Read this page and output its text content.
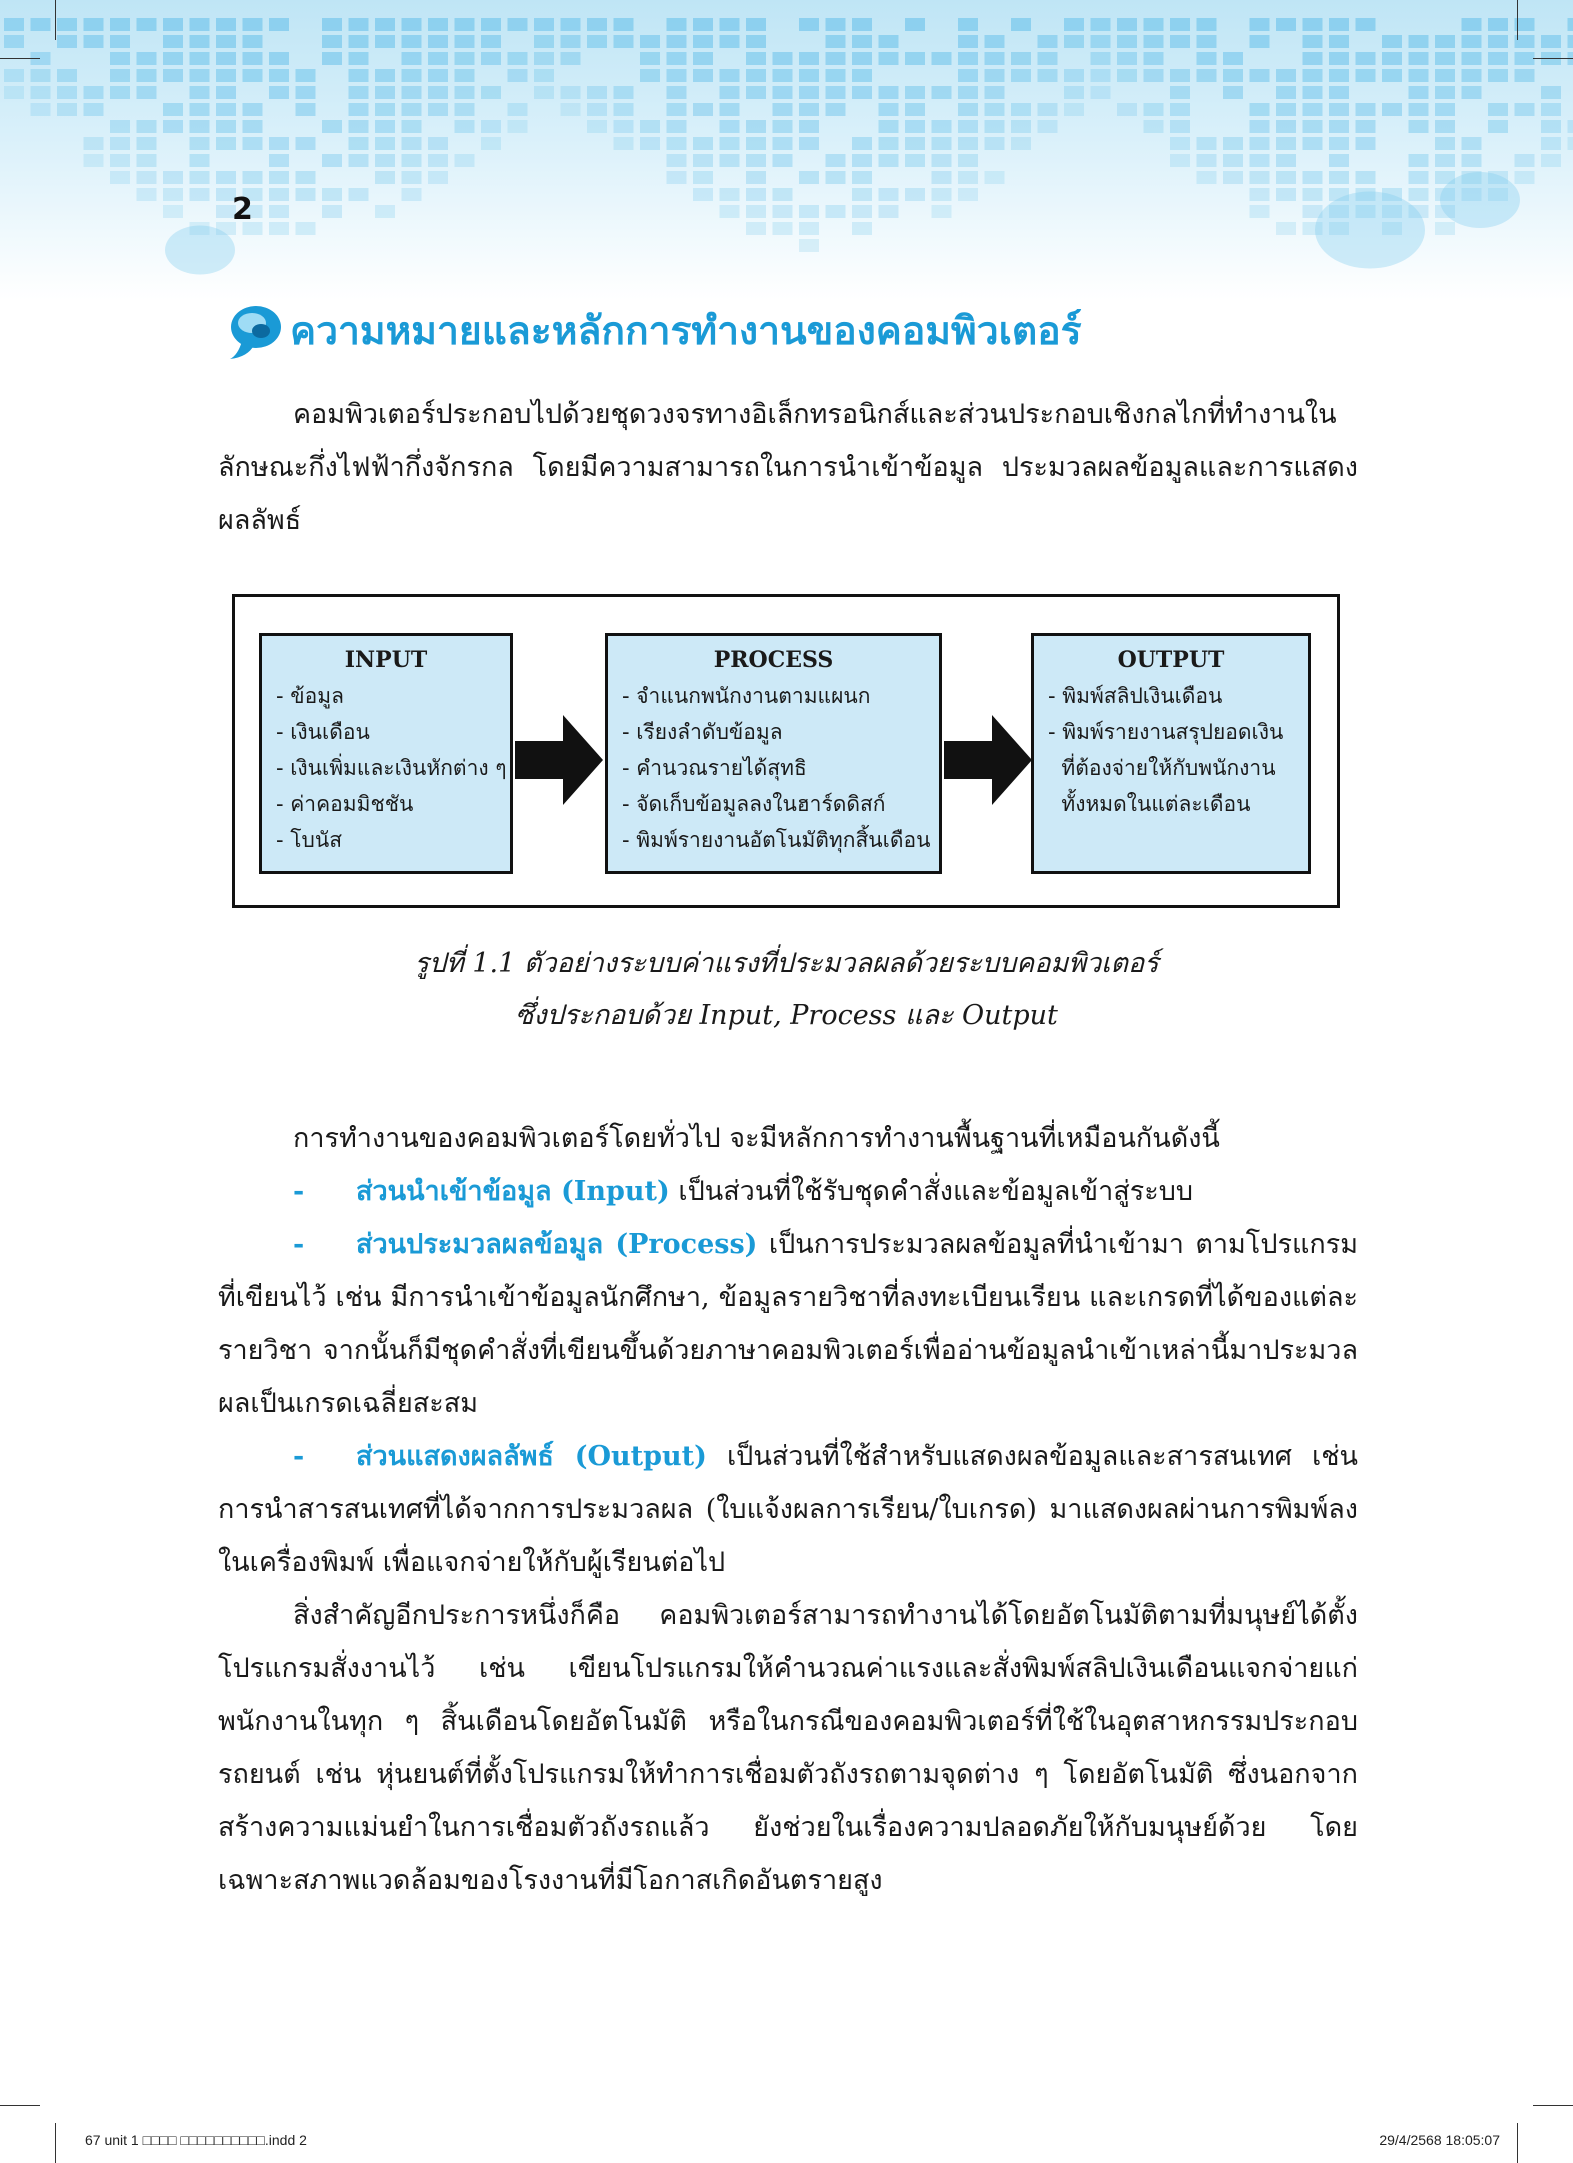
2
ความหมายและหลักการทำงานของคอมพิวเตอร์

คอมพิวเตอร์ประกอบไปด้วยชุดวงจรทางอิเล็กทรอนิกส์และส่วนประกอบเชิงกลไกที่ทำงานในลักษณะกึ่งไฟฟ้ากึ่งจักรกล โดยมีความสามารถในการนำเข้าข้อมูล ประมวลผลข้อมูลและการแสดงผลลัพธ์

INPUT
- ข้อมูล
- เงินเดือน
- เงินเพิ่มและเงินหักต่าง ๆ
- ค่าคอมมิชชัน
- โบนัส
PROCESS
- จำแนกพนักงานตามแผนก
- เรียงลำดับข้อมูล
- คำนวณรายได้สุทธิ
- จัดเก็บข้อมูลลงในฮาร์ดดิสก์
- พิมพ์รายงานอัตโนมัติทุกสิ้นเดือน
OUTPUT
- พิมพ์สลิปเงินเดือน
- พิมพ์รายงานสรุปยอดเงิน
ที่ต้องจ่ายให้กับพนักงาน
ทั้งหมดในแต่ละเดือน
รูปที่ 1.1 ตัวอย่างระบบค่าแรงที่ประมวลผลด้วยระบบคอมพิวเตอร์
ซึ่งประกอบด้วย Input, Process และ Output

การทำงานของคอมพิวเตอร์โดยทั่วไป จะมีหลักการทำงานพื้นฐานที่เหมือนกันดังนี้

- ส่วนนำเข้าข้อมูล (Input) เป็นส่วนที่ใช้รับชุดคำสั่งและข้อมูลเข้าสู่ระบบ

- ส่วนประมวลผลข้อมูล (Process) เป็นการประมวลผลข้อมูลที่นำเข้ามา ตามโปรแกรมที่เขียนไว้ เช่น มีการนำเข้าข้อมูลนักศึกษา, ข้อมูลรายวิชาที่ลงทะเบียนเรียน และเกรดที่ได้ของแต่ละรายวิชา จากนั้นก็มีชุดคำสั่งที่เขียนขึ้นด้วยภาษาคอมพิวเตอร์เพื่ออ่านข้อมูลนำเข้าเหล่านี้มาประมวลผลเป็นเกรดเฉลี่ยสะสม

- ส่วนแสดงผลลัพธ์ (Output) เป็นส่วนที่ใช้สำหรับแสดงผลข้อมูลและสารสนเทศ เช่น การนำสารสนเทศที่ได้จากการประมวลผล (ใบแจ้งผลการเรียน/ใบเกรด) มาแสดงผลผ่านการพิมพ์ลงในเครื่องพิมพ์ เพื่อแจกจ่ายให้กับผู้เรียนต่อไป

สิ่งสำคัญอีกประการหนึ่งก็คือ คอมพิวเตอร์สามารถทำงานได้โดยอัตโนมัติตามที่มนุษย์ได้ตั้งโปรแกรมสั่งงานไว้ เช่น เขียนโปรแกรมให้คำนวณค่าแรงและสั่งพิมพ์สลิปเงินเดือนแจกจ่ายแก่พนักงานในทุก ๆ สิ้นเดือนโดยอัตโนมัติ หรือในกรณีของคอมพิวเตอร์ที่ใช้ในอุตสาหกรรมประกอบรถยนต์ เช่น หุ่นยนต์ที่ตั้งโปรแกรมให้ทำการเชื่อมตัวถังรถตามจุดต่าง ๆ โดยอัตโนมัติ ซึ่งนอกจากสร้างความแม่นยำในการเชื่อมตัวถังรถแล้ว ยังช่วยในเรื่องความปลอดภัยให้กับมนุษย์ด้วย โดยเฉพาะสภาพแวดล้อมของโรงงานที่มีโอกาสเกิดอันตรายสูง

67 unit 1 □□□□ □□□□□□□□□□.indd 2	29/4/2568 18:05:07
